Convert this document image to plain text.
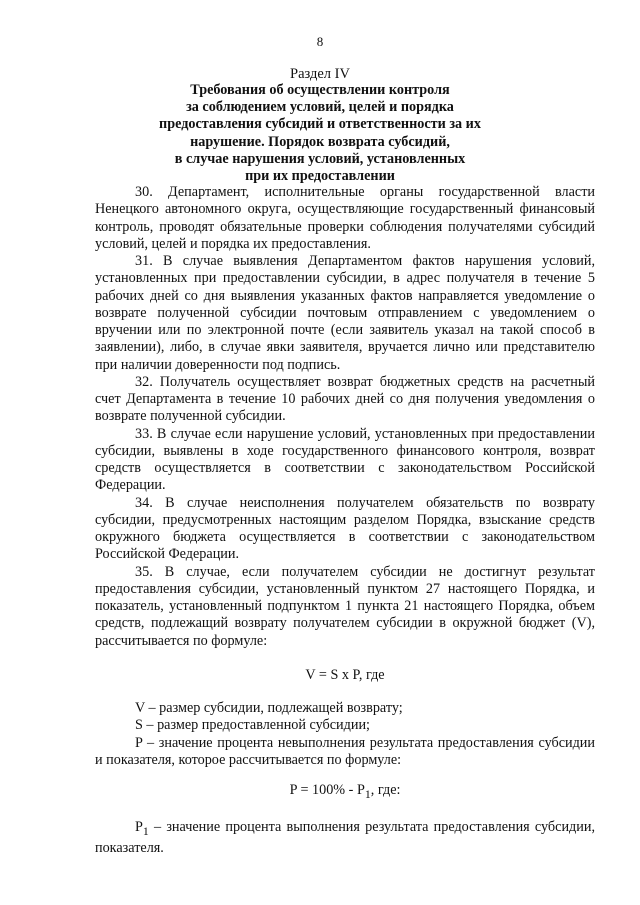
8
Раздел IV
Требования об осуществлении контроля
за соблюдением условий, целей и порядка
предоставления субсидий и ответственности за их
нарушение. Порядок возврата субсидий,
в случае нарушения условий, установленных
при их предоставлении

30. Департамент, исполнительные органы государственной власти Ненецкого автономного округа, осуществляющие государственный финансовый контроль, проводят обязательные проверки соблюдения получателями субсидий условий, целей и порядка их предоставления.

31. В случае выявления Департаментом фактов нарушения условий, установленных при предоставлении субсидии, в адрес получателя в течение 5 рабочих дней со дня выявления указанных фактов направляется уведомление о возврате полученной субсидии почтовым отправлением с уведомлением о вручении или по электронной почте (если заявитель указал на такой способ в заявлении), либо, в случае явки заявителя, вручается лично или представителю при наличии доверенности под подпись.

32. Получатель осуществляет возврат бюджетных средств на расчетный счет Департамента в течение 10 рабочих дней со дня получения уведомления о возврате полученной субсидии.

33. В случае если нарушение условий, установленных при предоставлении субсидии, выявлены в ходе государственного финансового контроля, возврат средств осуществляется в соответствии с законодательством Российской Федерации.

34. В случае неисполнения получателем обязательств по возврату субсидии, предусмотренных настоящим разделом Порядка, взыскание средств окружного бюджета осуществляется в соответствии с законодательством Российской Федерации.

35. В случае, если получателем субсидии не достигнут результат предоставления субсидии, установленный пунктом 27 настоящего Порядка, и показатель, установленный подпунктом 1 пункта 21 настоящего Порядка, объем средств, подлежащий возврату получателем субсидии в окружной бюджет (V), рассчитывается по формуле:

V = S x P, где

V – размер субсидии, подлежащей возврату;

S – размер предоставленной субсидии;

P – значение процента невыполнения результата предоставления субсидии и показателя, которое рассчитывается по формуле:

$P = 100\% - P_1$, где:

$P_1$ – значение процента выполнения результата предоставления субсидии, показателя.
